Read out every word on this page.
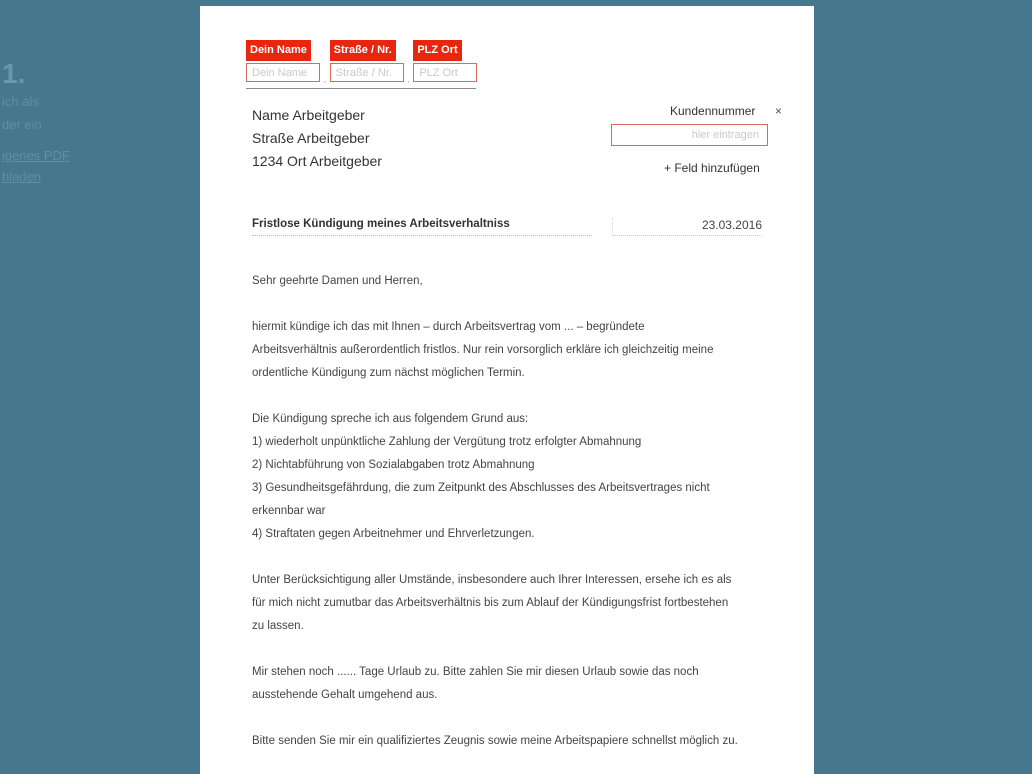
1.
ich als
der ein
igenes PDF
hladen
Dein Name
Dein Name
·
Straße / Nr.
Straße / Nr.
·
PLZ Ort
PLZ Ort
Name Arbeitgeber
Straße Arbeitgeber
1234 Ort Arbeitgeber
Kundennummer ×
hier eintragen
+ Feld hinzufügen
Fristlose Kündigung meines Arbeitsverhaltniss	23.03.2016
Sehr geehrte Damen und Herren,
hiermit kündige ich das mit Ihnen – durch Arbeitsvertrag vom ... – begründete
Arbeitsverhältnis außerordentlich fristlos. Nur rein vorsorglich erkläre ich gleichzeitig meine
ordentliche Kündigung zum nächst möglichen Termin.
Die Kündigung spreche ich aus folgendem Grund aus:
1) wiederholt unpünktliche Zahlung der Vergütung trotz erfolgter Abmahnung
2) Nichtabführung von Sozialabgaben trotz Abmahnung
3) Gesundheitsgefährdung, die zum Zeitpunkt des Abschlusses des Arbeitsvertrages nicht
erkennbar war
4) Straftaten gegen Arbeitnehmer und Ehrverletzungen.
Unter Berücksichtigung aller Umstände, insbesondere auch Ihrer Interessen, ersehe ich es als
für mich nicht zumutbar das Arbeitsverhältnis bis zum Ablauf der Kündigungsfrist fortbestehen
zu lassen.
Mir stehen noch ...... Tage Urlaub zu. Bitte zahlen Sie mir diesen Urlaub sowie das noch
ausstehende Gehalt umgehend aus.
Bitte senden Sie mir ein qualifiziertes Zeugnis sowie meine Arbeitspapiere schnellst möglich zu.
